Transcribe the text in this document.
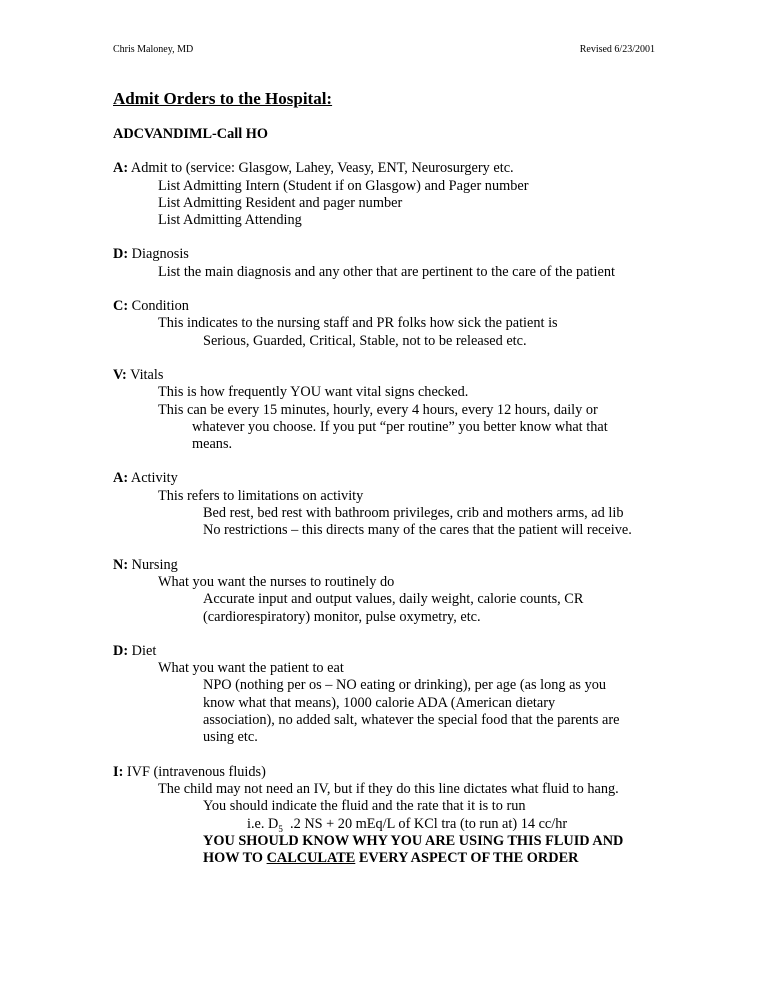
Chris Maloney, MD	Revised 6/23/2001
Admit Orders to the Hospital:
ADCVANDIML-Call HO
A: Admit to (service: Glasgow, Lahey, Veasy, ENT, Neurosurgery etc.
List Admitting Intern (Student if on Glasgow) and Pager number
List Admitting Resident and pager number
List Admitting Attending
D: Diagnosis
List the main diagnosis and any other that are pertinent to the care of the patient
C: Condition
This indicates to the nursing staff and PR folks how sick the patient is
Serious, Guarded, Critical, Stable, not to be released etc.
V: Vitals
This is how frequently YOU want vital signs checked.
This can be every 15 minutes, hourly, every 4 hours, every 12 hours, daily or
whatever you choose. If you put “per routine” you better know what that
means.
A: Activity
This refers to limitations on activity
Bed rest, bed rest with bathroom privileges, crib and mothers arms, ad lib
No restrictions – this directs many of the cares that the patient will receive.
N: Nursing
What you want the nurses to routinely do
Accurate input and output values, daily weight, calorie counts, CR
(cardiorespiratory) monitor, pulse oxymetry, etc.
D: Diet
What you want the patient to eat
NPO (nothing per os – NO eating or drinking), per age (as long as you
know what that means), 1000 calorie ADA (American dietary
association), no added salt, whatever the special food that the parents are
using etc.
I: IVF (intravenous fluids)
The child may not need an IV, but if they do this line dictates what fluid to hang.
You should indicate the fluid and the rate that it is to run
i.e. $D_5$  .2 NS + 20 mEq/L of KCl tra (to run at) 14 cc/hr
YOU SHOULD KNOW WHY YOU ARE USING THIS FLUID AND
HOW TO CALCULATE EVERY ASPECT OF THE ORDER
